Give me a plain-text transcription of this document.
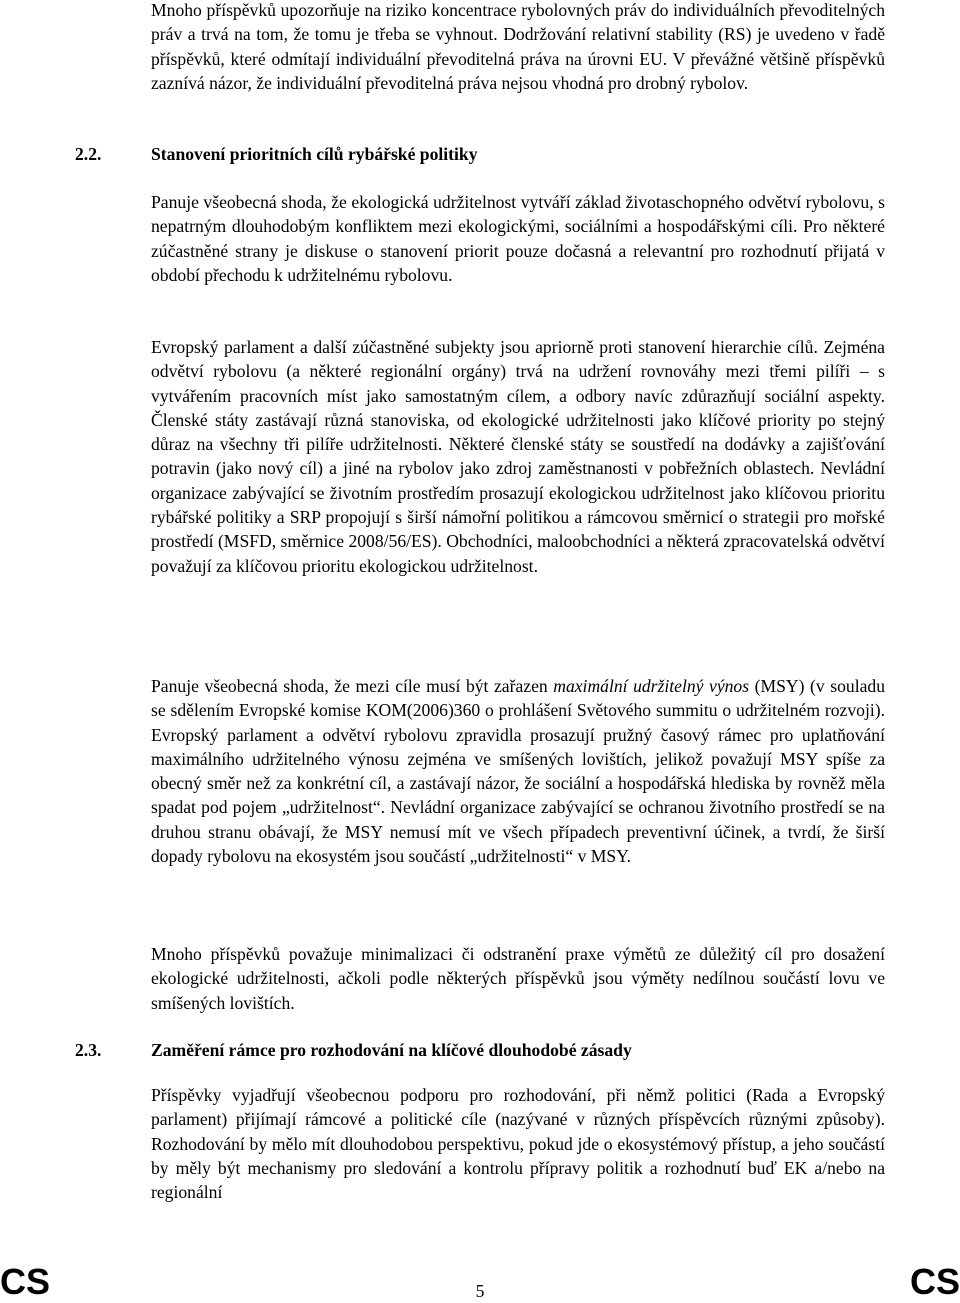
Mnoho příspěvků upozorňuje na riziko koncentrace rybolovných práv do individuálních převoditelných práv a trvá na tom, že tomu je třeba se vyhnout. Dodržování relativní stability (RS) je uvedeno v řadě příspěvků, které odmítají individuální převoditelná práva na úrovni EU. V převážné většině příspěvků zaznívá názor, že individuální převoditelná práva nejsou vhodná pro drobný rybolov.

2.2.	Stanovení prioritních cílů rybářské politiky

Panuje všeobecná shoda, že ekologická udržitelnost vytváří základ životaschopného odvětví rybolovu, s nepatrným dlouhodobým konfliktem mezi ekologickými, sociálními a hospodářskými cíli. Pro některé zúčastněné strany je diskuse o stanovení priorit pouze dočasná a relevantní pro rozhodnutí přijatá v období přechodu k udržitelnému rybolovu.

Evropský parlament a další zúčastněné subjekty jsou apriorně proti stanovení hierarchie cílů. Zejména odvětví rybolovu (a některé regionální orgány) trvá na udržení rovnováhy mezi třemi pilíři – s vytvářením pracovních míst jako samostatným cílem, a odbory navíc zdůrazňují sociální aspekty. Členské státy zastávají různá stanoviska, od ekologické udržitelnosti jako klíčové priority po stejný důraz na všechny tři pilíře udržitelnosti. Některé členské státy se soustředí na dodávky a zajišťování potravin (jako nový cíl) a jiné na rybolov jako zdroj zaměstnanosti v pobřežních oblastech. Nevládní organizace zabývající se životním prostředím prosazují ekologickou udržitelnost jako klíčovou prioritu rybářské politiky a SRP propojují s širší námořní politikou a rámcovou směrnicí o strategii pro mořské prostředí (MSFD, směrnice 2008/56/ES). Obchodníci, maloobchodníci a některá zpracovatelská odvětví považují za klíčovou prioritu ekologickou udržitelnost.

Panuje všeobecná shoda, že mezi cíle musí být zařazen maximální udržitelný výnos (MSY) (v souladu se sdělením Evropské komise KOM(2006)360 o prohlášení Světového summitu o udržitelném rozvoji). Evropský parlament a odvětví rybolovu zpravidla prosazují pružný časový rámec pro uplatňování maximálního udržitelného výnosu zejména ve smíšených lovištích, jelikož považují MSY spíše za obecný směr než za konkrétní cíl, a zastávají názor, že sociální a hospodářská hlediska by rovněž měla spadat pod pojem „udržitelnost“. Nevládní organizace zabývající se ochranou životního prostředí se na druhou stranu obávají, že MSY nemusí mít ve všech případech preventivní účinek, a tvrdí, že širší dopady rybolovu na ekosystém jsou součástí „udržitelnosti“ v MSY.

Mnoho příspěvků považuje minimalizaci či odstranění praxe výmětů ze důležitý cíl pro dosažení ekologické udržitelnosti, ačkoli podle některých příspěvků jsou výměty nedílnou součástí lovu ve smíšených lovištích.

2.3.	Zaměření rámce pro rozhodování na klíčové dlouhodobé zásady

Příspěvky vyjadřují všeobecnou podporu pro rozhodování, při němž politici (Rada a Evropský parlament) přijímají rámcové a politické cíle (nazývané v různých příspěvcích různými způsoby). Rozhodování by mělo mít dlouhodobou perspektivu, pokud jde o ekosystémový přístup, a jeho součástí by měly být mechanismy pro sledování a kontrolu přípravy politik a rozhodnutí buď EK a/nebo na regionální

CS	5	CS
